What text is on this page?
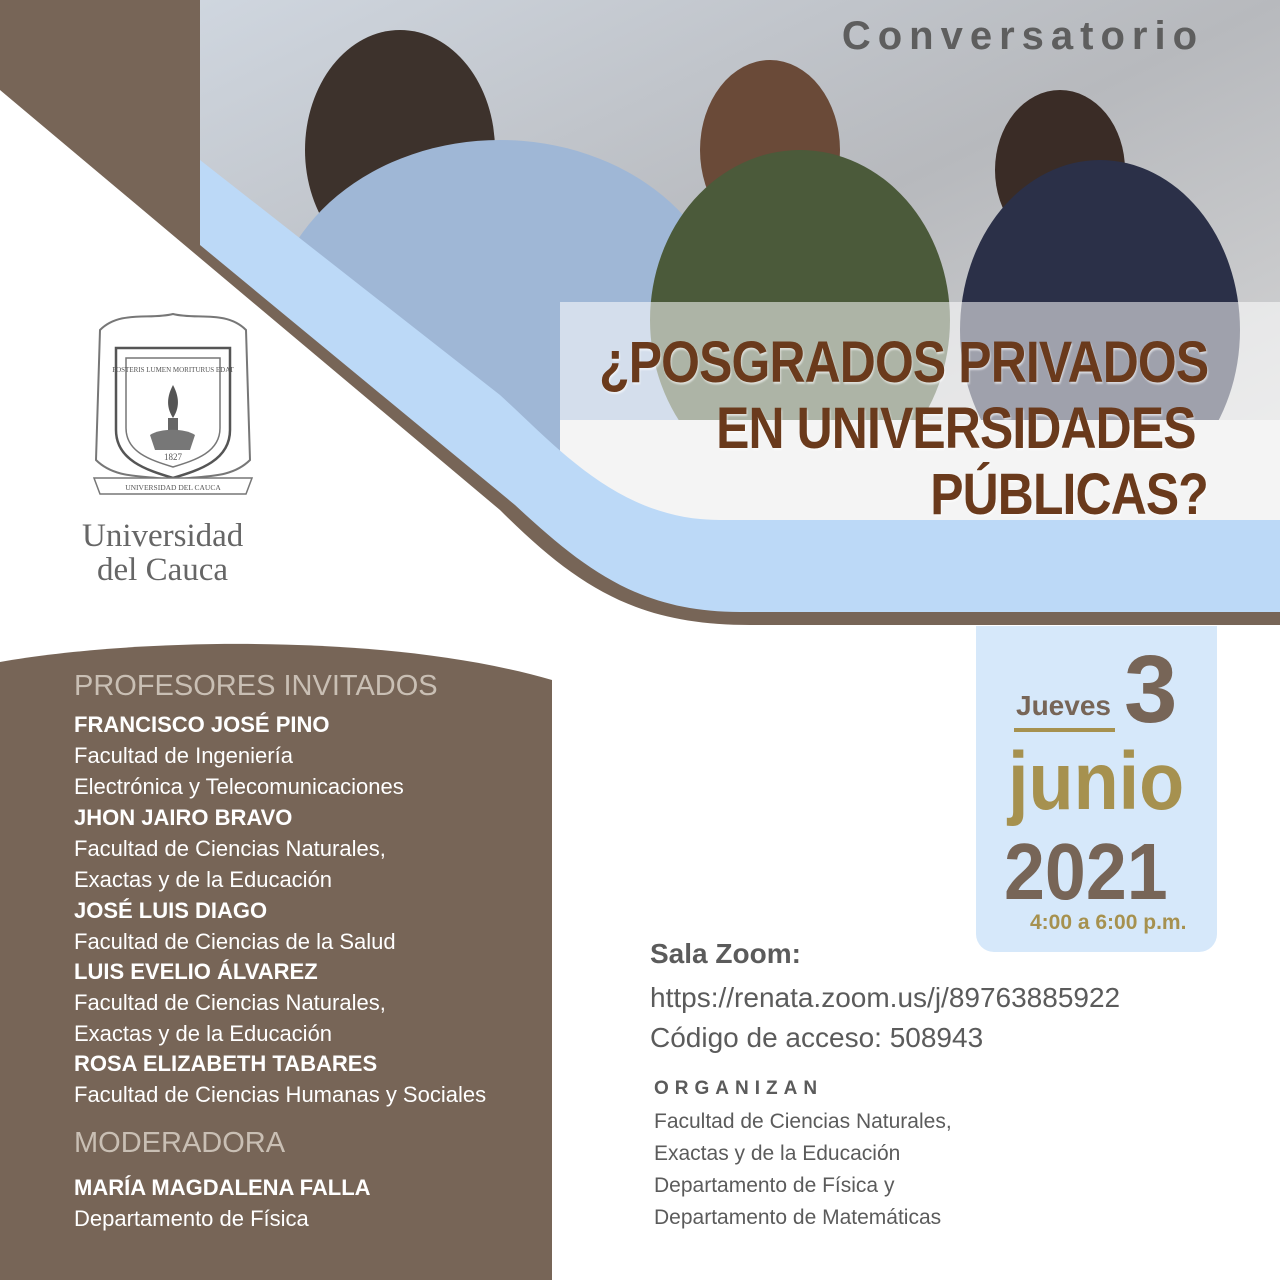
Conversatorio
¿POSGRADOS PRIVADOS
EN UNIVERSIDADES
PÚBLICAS?
1827
UNIVERSIDAD DEL CAUCA
POSTERIS LUMEN MORITURUS EDAT
Universidad
del Cauca
PROFESORES INVITADOS
FRANCISCO JOSÉ PINO
Facultad de Ingeniería
Electrónica y Telecomunicaciones
JHON JAIRO BRAVO
Facultad de Ciencias Naturales,
Exactas y de la Educación
JOSÉ LUIS DIAGO
Facultad de Ciencias de la Salud
LUIS EVELIO ÁLVAREZ
Facultad de Ciencias Naturales,
Exactas y de la Educación
ROSA ELIZABETH TABARES
Facultad de Ciencias Humanas y Sociales
MODERADORA
MARÍA MAGDALENA FALLA
Departamento de Física
Jueves 3
junio
2021
4:00 a 6:00 p.m.
Sala Zoom:
https://renata.zoom.us/j/89763885922
Código de acceso: 508943
ORGANIZAN
Facultad de Ciencias Naturales,
Exactas y de la Educación
Departamento de Física y
Departamento de Matemáticas
